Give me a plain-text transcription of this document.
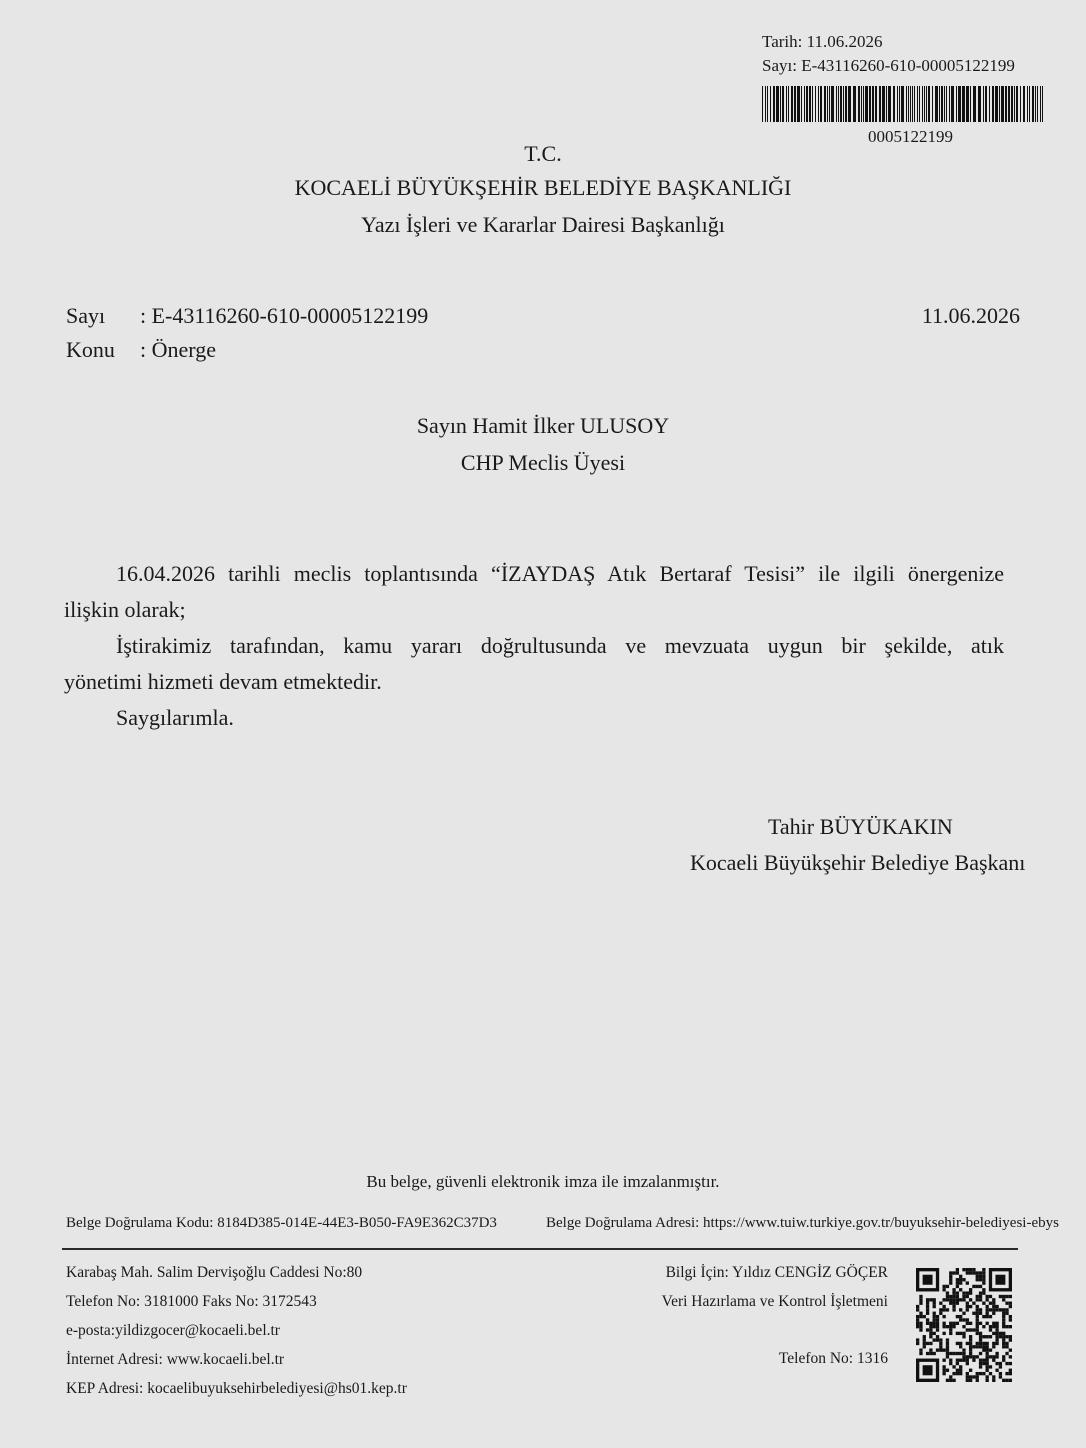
Tarih: 11.06.2026
Sayı: E-43116260-610-00005122199
0005122199
T.C.
KOCAELİ BÜYÜKŞEHİR BELEDİYE BAŞKANLIĞI
Yazı İşleri ve Kararlar Dairesi Başkanlığı
Sayı : E-43116260-610-00005122199
Konu : Önerge
11.06.2026
Sayın Hamit İlker ULUSOY
CHP Meclis Üyesi
16.04.2026 tarihli meclis toplantısında “İZAYDAŞ Atık Bertaraf Tesisi” ile ilgili önergenize
ilişkin olarak;
İştirakimiz tarafından, kamu yararı doğrultusunda ve mevzuata uygun bir şekilde, atık
yönetimi hizmeti devam etmektedir.
Saygılarımla.
Tahir BÜYÜKAKIN
Kocaeli Büyükşehir Belediye Başkanı
Bu belge, güvenli elektronik imza ile imzalanmıştır.
Belge Doğrulama Kodu: 8184D385-014E-44E3-B050-FA9E362C37D3	Belge Doğrulama Adresi: https://www.tuiw.turkiye.gov.tr/buyuksehir-belediyesi-ebys
Karabaş Mah. Salim Dervişoğlu Caddesi No:80
Telefon No: 3181000 Faks No: 3172543
e-posta:yildizgocer@kocaeli.bel.tr
İnternet Adresi: www.kocaeli.bel.tr
KEP Adresi: kocaelibuyuksehirbelediyesi@hs01.kep.tr
Bilgi İçin: Yıldız CENGİZ GÖÇER
Veri Hazırlama ve Kontrol İşletmeni
Telefon No: 1316
